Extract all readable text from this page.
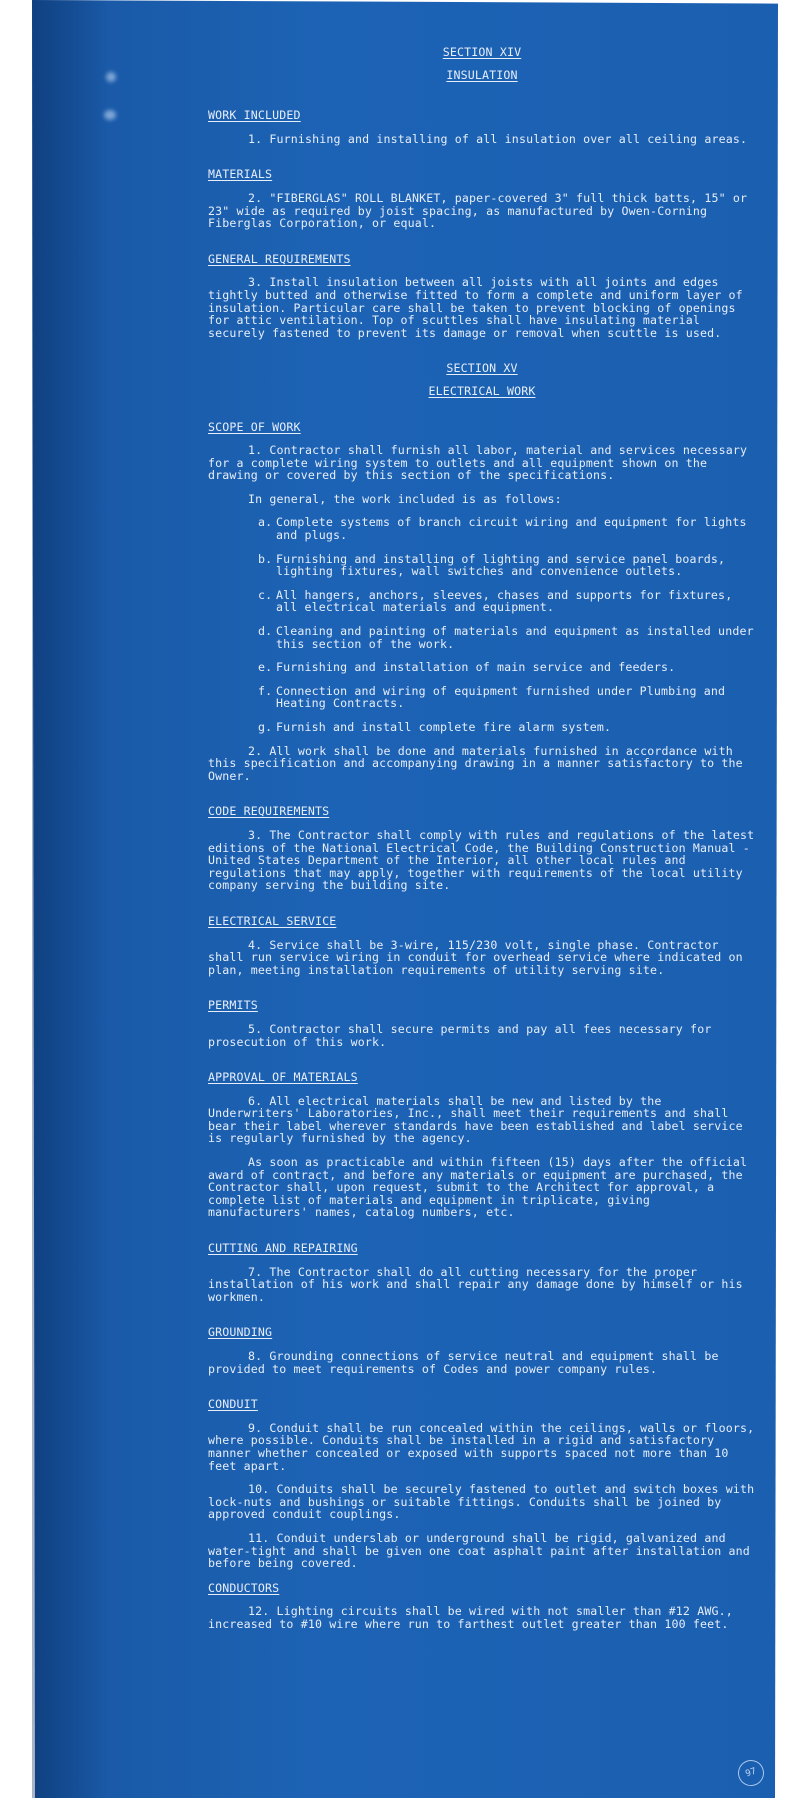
SECTION XIV
INSULATION
WORK INCLUDED

1. Furnishing and installing of all insulation over all ceiling areas.

MATERIALS

2. "FIBERGLAS" ROLL BLANKET, paper-covered 3" full thick batts, 15" or 23" wide as required by joist spacing, as manufactured by Owen-Corning Fiberglas Corporation, or equal.

GENERAL REQUIREMENTS

3. Install insulation between all joists with all joints and edges tightly butted and otherwise fitted to form a complete and uniform layer of insulation. Particular care shall be taken to prevent blocking of openings for attic ventilation. Top of scuttles shall have insulating material securely fastened to prevent its damage or removal when scuttle is used.

SECTION XV
ELECTRICAL WORK
SCOPE OF WORK

1. Contractor shall furnish all labor, material and services necessary for a complete wiring system to outlets and all equipment shown on the drawing or covered by this section of the specifications.

In general, the work included is as follows:

a. Complete systems of branch circuit wiring and equipment for lights and plugs.
b. Furnishing and installing of lighting and service panel boards, lighting fixtures, wall switches and convenience outlets.
c. All hangers, anchors, sleeves, chases and supports for fixtures, all electrical materials and equipment.
d. Cleaning and painting of materials and equipment as installed under this section of the work.
e. Furnishing and installation of main service and feeders.
f. Connection and wiring of equipment furnished under Plumbing and Heating Contracts.
g. Furnish and install complete fire alarm system.

2. All work shall be done and materials furnished in accordance with this specification and accompanying drawing in a manner satisfactory to the Owner.

CODE REQUIREMENTS

3. The Contractor shall comply with rules and regulations of the latest editions of the National Electrical Code, the Building Construction Manual - United States Department of the Interior, all other local rules and regulations that may apply, together with requirements of the local utility company serving the building site.

ELECTRICAL SERVICE

4. Service shall be 3-wire, 115/230 volt, single phase. Contractor shall run service wiring in conduit for overhead service where indicated on plan, meeting installation requirements of utility serving site.

PERMITS

5. Contractor shall secure permits and pay all fees necessary for prosecution of this work.

APPROVAL OF MATERIALS

6. All electrical materials shall be new and listed by the Underwriters' Laboratories, Inc., shall meet their requirements and shall bear their label wherever standards have been established and label service is regularly furnished by the agency.

As soon as practicable and within fifteen (15) days after the official award of contract, and before any materials or equipment are purchased, the Contractor shall, upon request, submit to the Architect for approval, a complete list of materials and equipment in triplicate, giving manufacturers' names, catalog numbers, etc.

CUTTING AND REPAIRING

7. The Contractor shall do all cutting necessary for the proper installation of his work and shall repair any damage done by himself or his workmen.

GROUNDING

8. Grounding connections of service neutral and equipment shall be provided to meet requirements of Codes and power company rules.

CONDUIT

9. Conduit shall be run concealed within the ceilings, walls or floors, where possible. Conduits shall be installed in a rigid and satisfactory manner whether concealed or exposed with supports spaced not more than 10 feet apart.

10. Conduits shall be securely fastened to outlet and switch boxes with lock-nuts and bushings or suitable fittings. Conduits shall be joined by approved conduit couplings.

11. Conduit underslab or underground shall be rigid, galvanized and water-tight and shall be given one coat asphalt paint after installation and before being covered.

CONDUCTORS

12. Lighting circuits shall be wired with not smaller than #12 AWG., increased to #10 wire where run to farthest outlet greater than 100 feet.

97
